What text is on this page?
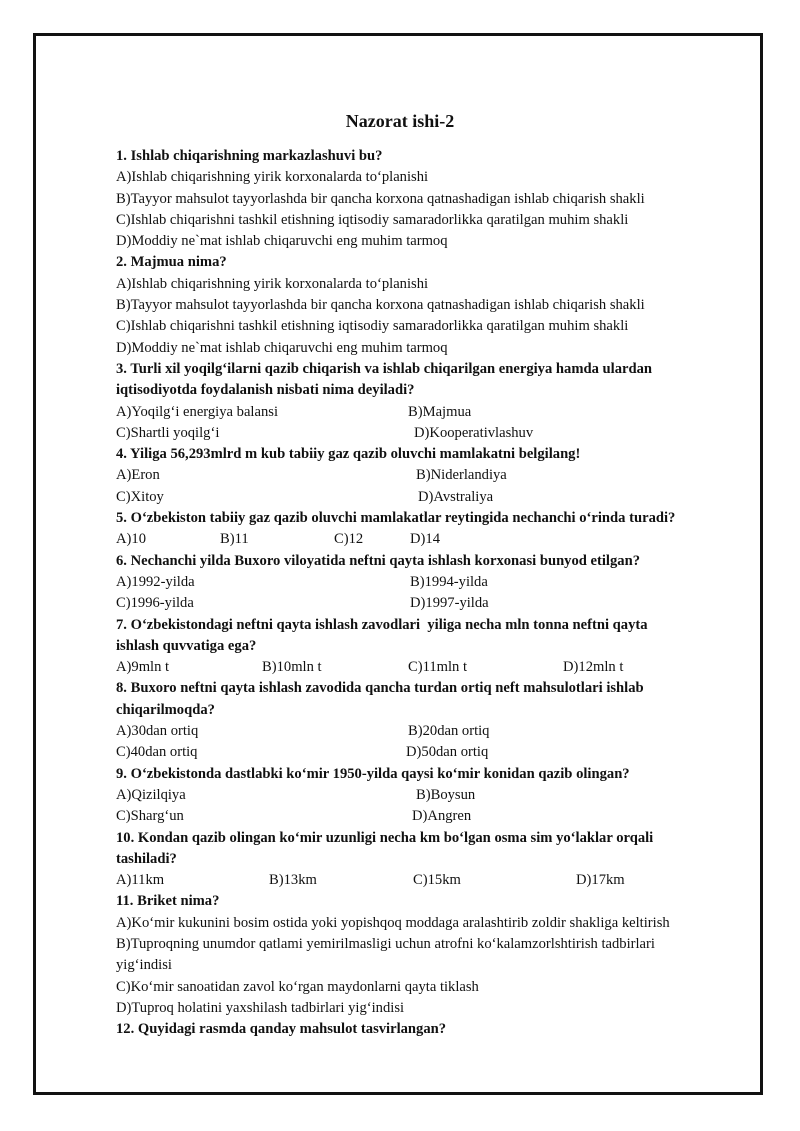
Nazorat ishi-2

1. Ishlab chiqarishning markazlashuvi bu?

A)Ishlab chiqarishning yirik korxonalarda to‘planishi

B)Tayyor mahsulot tayyorlashda bir qancha korxona qatnashadigan ishlab chiqarish shakli

C)Ishlab chiqarishni tashkil etishning iqtisodiy samaradorlikka qaratilgan muhim shakli

D)Moddiy ne`mat ishlab chiqaruvchi eng muhim tarmoq

2. Majmua nima?

A)Ishlab chiqarishning yirik korxonalarda to‘planishi

B)Tayyor mahsulot tayyorlashda bir qancha korxona qatnashadigan ishlab chiqarish shakli

C)Ishlab chiqarishni tashkil etishning iqtisodiy samaradorlikka qaratilgan muhim shakli

D)Moddiy ne`mat ishlab chiqaruvchi eng muhim tarmoq

3. Turli xil yoqilg‘ilarni qazib chiqarish va ishlab chiqarilgan energiya hamda ulardan

iqtisodiyotda foydalanish nisbati nima deyiladi?

A)Yoqilg‘i energiya balansi	B)Majmua
C)Shartli yoqilg‘i	D)Kooperativlashuv

4. Yiliga 56,293mlrd m kub tabiiy gaz qazib oluvchi mamlakatni belgilang!

A)Eron	B)Niderlandiya
C)Xitoy	D)Avstraliya

5. O‘zbekiston tabiiy gaz qazib oluvchi mamlakatlar reytingida nechanchi o‘rinda turadi?

A)10	B)11	C)12	D)14

6. Nechanchi yilda Buxoro viloyatida neftni qayta ishlash korxonasi bunyod etilgan?

A)1992-yilda	B)1994-yilda
C)1996-yilda	D)1997-yilda

7. O‘zbekistondagi neftni qayta ishlash zavodlari  yiliga necha mln tonna neftni qayta

ishlash quvvatiga ega?

A)9mln t	B)10mln t	C)11mln t	D)12mln t

8. Buxoro neftni qayta ishlash zavodida qancha turdan ortiq neft mahsulotlari ishlab

chiqarilmoqda?

A)30dan ortiq	B)20dan ortiq
C)40dan ortiq	D)50dan ortiq

9. O‘zbekistonda dastlabki ko‘mir 1950-yilda qaysi ko‘mir konidan qazib olingan?

A)Qizilqiya	B)Boysun
C)Sharg‘un	D)Angren

10. Kondan qazib olingan ko‘mir uzunligi necha km bo‘lgan osma sim yo‘laklar orqali

tashiladi?

A)11km	B)13km	C)15km	D)17km

11. Briket nima?

A)Ko‘mir kukunini bosim ostida yoki yopishqoq moddaga aralashtirib zoldir shakliga keltirish

B)Tuproqning unumdor qatlami yemirilmasligi uchun atrofni ko‘kalamzorlshtirish tadbirlari

yig‘indisi

C)Ko‘mir sanoatidan zavol ko‘rgan maydonlarni qayta tiklash

D)Tuproq holatini yaxshilash tadbirlari yig‘indisi

12. Quyidagi rasmda qanday mahsulot tasvirlangan?
